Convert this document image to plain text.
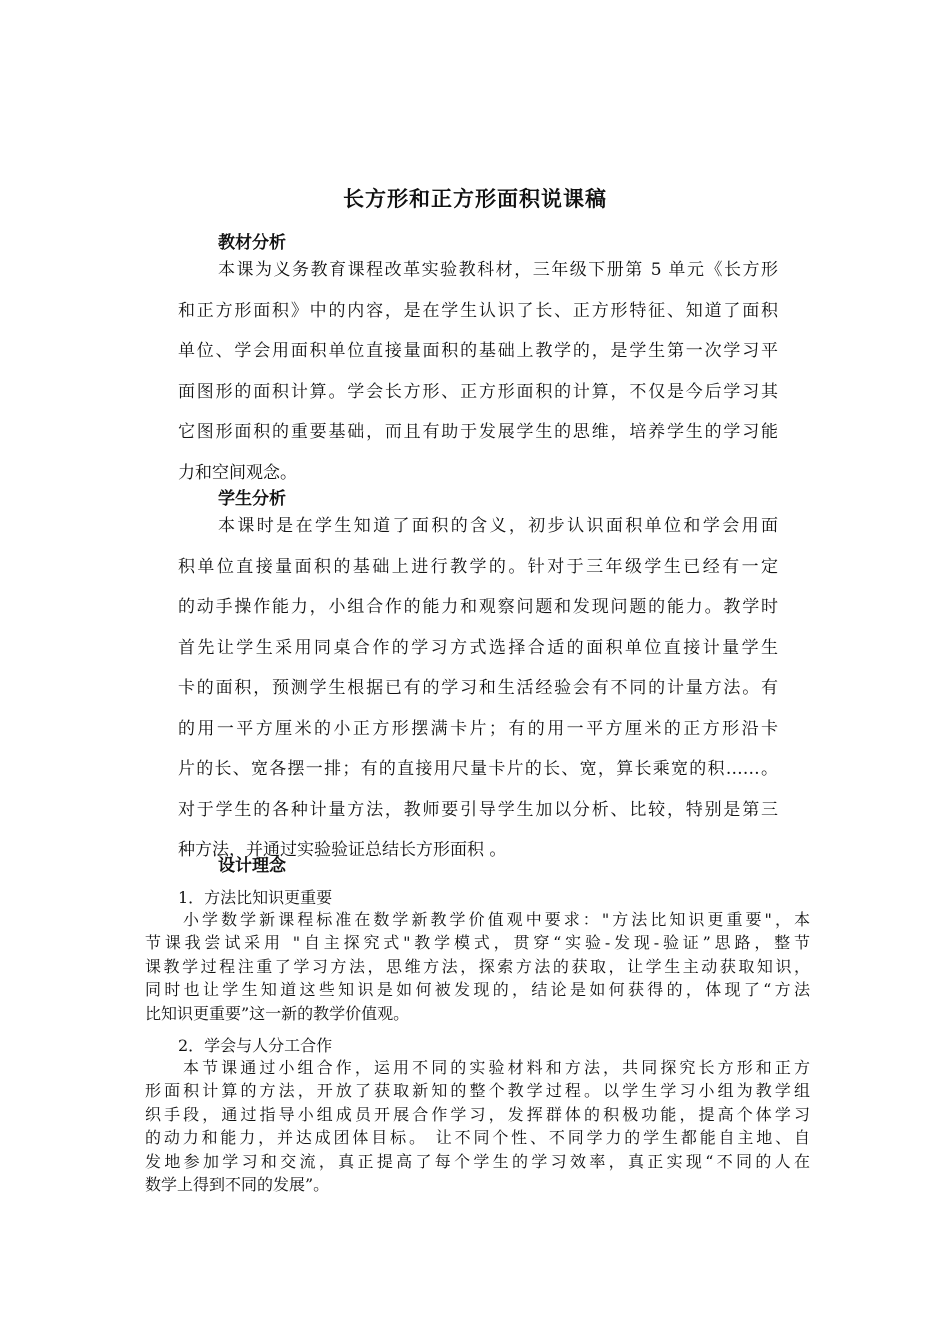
长方形和正方形面积说课稿
教材分析
本课为义务教育课程改革实验教科材，三年级下册第 5 单元《长方形
和正方形面积》中的内容，是在学生认识了长、正方形特征、知道了面积
单位、学会用面积单位直接量面积的基础上教学的，是学生第一次学习平
面图形的面积计算。学会长方形、正方形面积的计算，不仅是今后学习其
它图形面积的重要基础，而且有助于发展学生的思维，培养学生的学习能
力和空间观念。
学生分析
本课时是在学生知道了面积的含义，初步认识面积单位和学会用面
积单位直接量面积的基础上进行教学的。针对于三年级学生已经有一定
的动手操作能力，小组合作的能力和观察问题和发现问题的能力。教学时
首先让学生采用同桌合作的学习方式选择合适的面积单位直接计量学生
卡的面积，预测学生根据已有的学习和生活经验会有不同的计量方法。有
的用一平方厘米的小正方形摆满卡片；有的用一平方厘米的正方形沿卡
片的长、宽各摆一排；有的直接用尺量卡片的长、宽，算长乘宽的积……。
对于学生的各种计量方法，教师要引导学生加以分析、比较，特别是第三
种方法，并通过实验验证总结长方形面积 。
设计理念
1．方法比知识更重要
小学数学新课程标准在数学新教学价值观中要求："方法比知识更重要"，本
节课我尝试采用 "自主探究式"教学模式，贯穿“实验-发现-验证”思路，整节
课教学过程注重了学习方法，思维方法，探索方法的获取，让学生主动获取知识，
同时也让学生知道这些知识是如何被发现的，结论是如何获得的，体现了“方法
比知识更重要”这一新的教学价值观。
2．学会与人分工合作
本节课通过小组合作，运用不同的实验材料和方法，共同探究长方形和正方
形面积计算的方法，开放了获取新知的整个教学过程。以学生学习小组为教学组
织手段，通过指导小组成员开展合作学习，发挥群体的积极功能，提高个体学习
的动力和能力，并达成团体目标。 让不同个性、不同学力的学生都能自主地、自
发地参加学习和交流，真正提高了每个学生的学习效率，真正实现“不同的人在
数学上得到不同的发展”。
